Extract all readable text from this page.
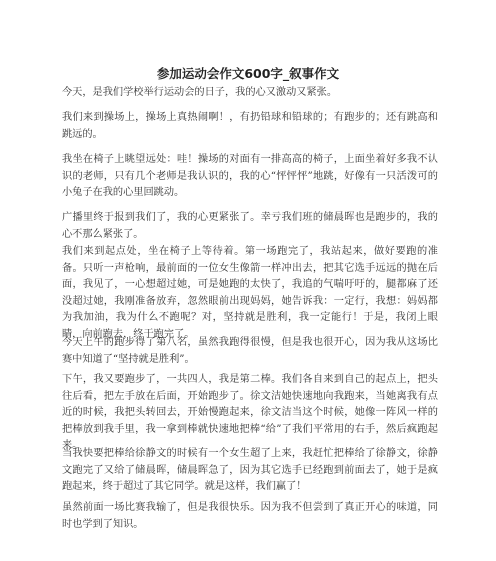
参加运动会作文600字_叙事作文

今天，是我们学校举行运动会的日子，我的心又激动又紧张。

我们来到操场上，操场上真热闹啊！，有扔铅球和铅球的；有跑步的；还有跳高和跳远的。

我坐在椅子上眺望远处：哇！操场的对面有一排高高的椅子，上面坐着好多我不认识的老师，只有几个老师是我认识的，我的心“怦怦怦”地跳，好像有一只活泼可的小兔子在我的心里回跳动。

广播里终于报到我们了，我的心更紧张了。幸亏我们班的储晨晖也是跑步的，我的心不那么紧张了。

我们来到起点处，坐在椅子上等待着。第一场跑完了，我站起来，做好要跑的准备。只听一声枪响，最前面的一位女生像箭一样冲出去，把其它选手远远的抛在后面，我见了，一心想超过她，可是她跑的太快了，我追的气喘吁吁的，腿都麻了还没超过她，我刚准备放弃，忽然眼前出现妈妈，她告诉我：一定行，我想：妈妈都为我加油，我为什么不跑呢？对，坚持就是胜利，我一定能行！于是，我闭上眼睛，向前跑去，终于跑完了。

今天上午的跑步得了第八名，虽然我跑得很慢，但是我也很开心，因为我从这场比赛中知道了“坚持就是胜利”。

下午，我又要跑步了，一共四人，我是第二棒。我们各自来到自己的起点上，把头往后看，把左手放在后面，开始跑步了。徐文洁她快速地向我跑来，当她离我有点近的时候，我把头转回去，开始慢跑起来，徐文洁当这个时候，她像一阵风一样的把棒放到我手里，我一拿到棒就快速地把棒“给”了我们平常用的右手，然后疯跑起来。

当我快要把棒给徐静文的时候有一个女生超了上来，我赶忙把棒给了徐静文，徐静文跑完了又给了储晨晖，储晨晖急了，因为其它选手已经跑到前面去了，她于是疯跑起来，终于超过了其它同学。就是这样，我们赢了！

虽然前面一场比赛我输了，但是我很快乐。因为我不但尝到了真正开心的味道，同时也学到了知识。
